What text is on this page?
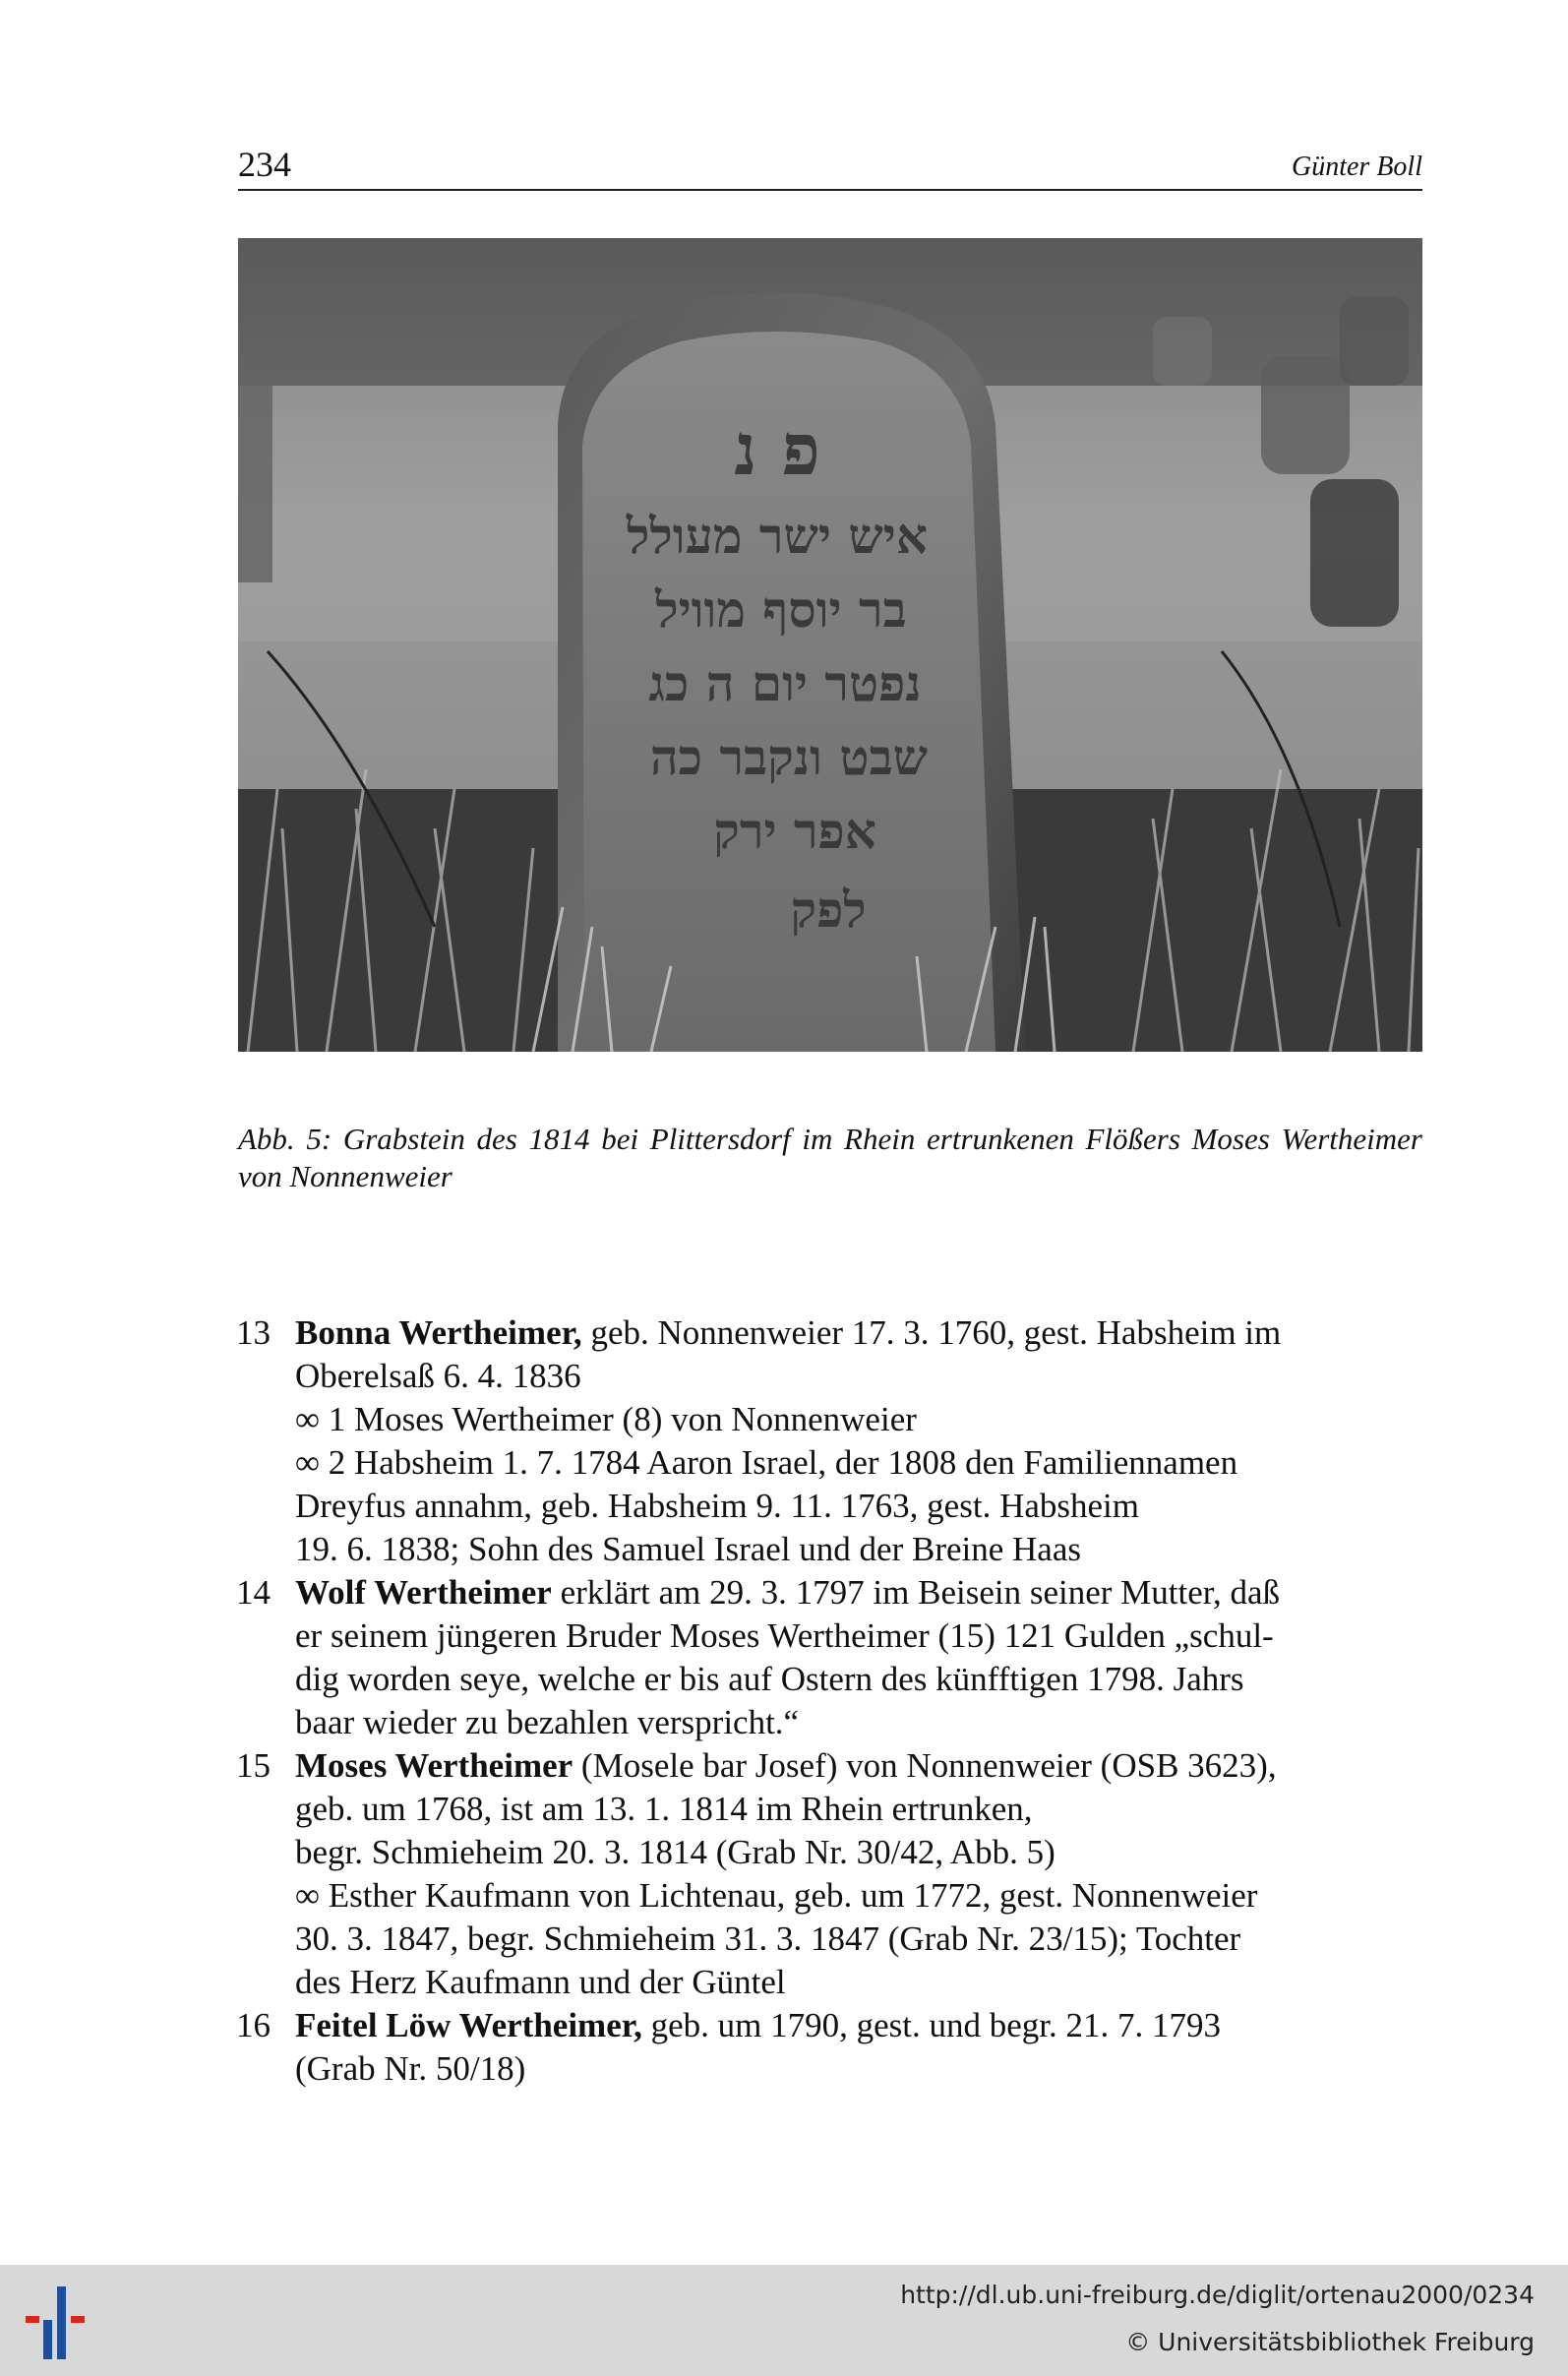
234	Günter Boll
פ נ
איש ישר מעולל
בר יוסף מוויל
נפטר יום ה כג
שבט ונקבר כה
אפר ירק
לפק

Abb. 5: Grabstein des 1814 bei Plittersdorf im Rhein ertrunkenen Flößers Moses Wertheimer von Nonnenweier

13 Bonna Wertheimer, geb. Nonnenweier 17. 3. 1760, gest. Habsheim im
Oberelsaß 6. 4. 1836
∞ 1 Moses Wertheimer (8) von Nonnenweier
∞ 2 Habsheim 1. 7. 1784 Aaron Israel, der 1808 den Familiennamen
Dreyfus annahm, geb. Habsheim 9. 11. 1763, gest. Habsheim
19. 6. 1838; Sohn des Samuel Israel und der Breine Haas
14 Wolf Wertheimer erklärt am 29. 3. 1797 im Beisein seiner Mutter, daß
er seinem jüngeren Bruder Moses Wertheimer (15) 121 Gulden „schul-
dig worden seye, welche er bis auf Ostern des künfftigen 1798. Jahrs
baar wieder zu bezahlen verspricht.“
15 Moses Wertheimer (Mosele bar Josef) von Nonnenweier (OSB 3623),
geb. um 1768, ist am 13. 1. 1814 im Rhein ertrunken,
begr. Schmieheim 20. 3. 1814 (Grab Nr. 30/42, Abb. 5)
∞ Esther Kaufmann von Lichtenau, geb. um 1772, gest. Nonnenweier
30. 3. 1847, begr. Schmieheim 31. 3. 1847 (Grab Nr. 23/15); Tochter
des Herz Kaufmann und der Güntel
16 Feitel Löw Wertheimer, geb. um 1790, gest. und begr. 21. 7. 1793
(Grab Nr. 50/18)
http://dl.ub.uni-freiburg.de/diglit/ortenau2000/0234
© Universitätsbibliothek Freiburg
